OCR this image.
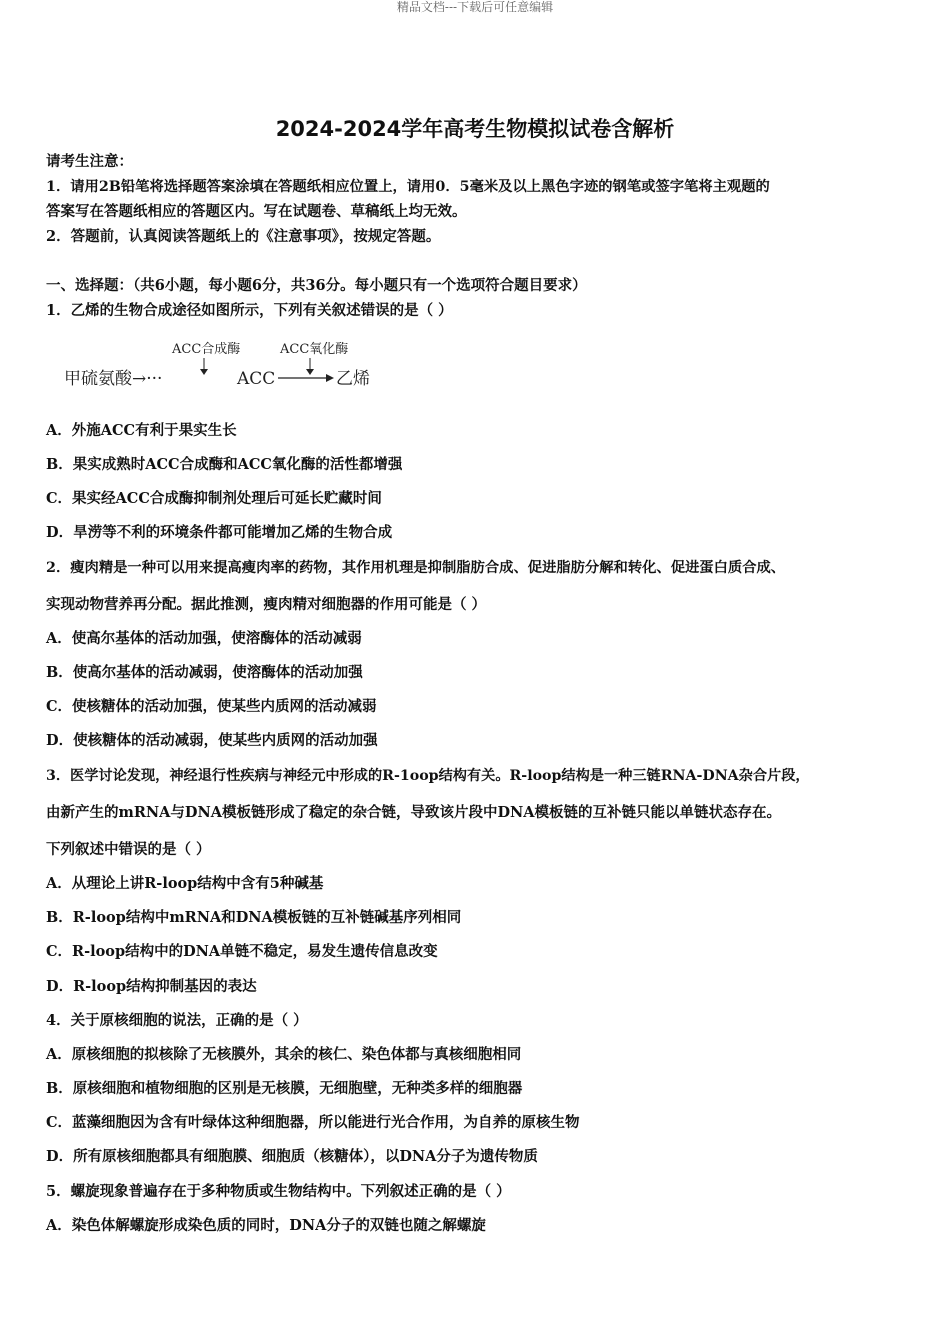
精品文档---下载后可任意编辑
2024-2024学年高考生物模拟试卷含解析
请考生注意：
1．请用2B铅笔将选择题答案涂填在答题纸相应位置上，请用0．5毫米及以上黑色字迹的钢笔或签字笔将主观题的
答案写在答题纸相应的答题区内。写在试题卷、草稿纸上均无效。
2．答题前，认真阅读答题纸上的《注意事项》，按规定答题。
一、选择题：（共6小题，每小题6分，共36分。每小题只有一个选项符合题目要求）
1．乙烯的生物合成途径如图所示，下列有关叙述错误的是（ ）
甲硫氨酸→···
ACC合成酶
ACC
ACC氧化酶
乙烯
A．外施ACC有利于果实生长
B．果实成熟时ACC合成酶和ACC氧化酶的活性都增强
C．果实经ACC合成酶抑制剂处理后可延长贮藏时间
D．旱涝等不利的环境条件都可能增加乙烯的生物合成
2．瘦肉精是一种可以用来提高瘦肉率的药物，其作用机理是抑制脂肪合成、促进脂肪分解和转化、促进蛋白质合成、
实现动物营养再分配。据此推测，瘦肉精对细胞器的作用可能是（ ）
A．使高尔基体的活动加强，使溶酶体的活动减弱
B．使高尔基体的活动减弱，使溶酶体的活动加强
C．使核糖体的活动加强，使某些内质网的活动减弱
D．使核糖体的活动减弱，使某些内质网的活动加强
3．医学讨论发现，神经退行性疾病与神经元中形成的R-1oop结构有关。R-loop结构是一种三链RNA-DNA杂合片段，
由新产生的mRNA与DNA模板链形成了稳定的杂合链，导致该片段中DNA模板链的互补链只能以单链状态存在。
下列叙述中错误的是（ ）
A．从理论上讲R-loop结构中含有5种碱基
B．R-loop结构中mRNA和DNA模板链的互补链碱基序列相同
C．R-loop结构中的DNA单链不稳定，易发生遗传信息改变
D．R-loop结构抑制基因的表达
4．关于原核细胞的说法，正确的是（ ）
A．原核细胞的拟核除了无核膜外，其余的核仁、染色体都与真核细胞相同
B．原核细胞和植物细胞的区别是无核膜，无细胞壁，无种类多样的细胞器
C．蓝藻细胞因为含有叶绿体这种细胞器，所以能进行光合作用，为自养的原核生物
D．所有原核细胞都具有细胞膜、细胞质（核糖体），以DNA分子为遗传物质
5．螺旋现象普遍存在于多种物质或生物结构中。下列叙述正确的是（ ）
A．染色体解螺旋形成染色质的同时，DNA分子的双链也随之解螺旋
